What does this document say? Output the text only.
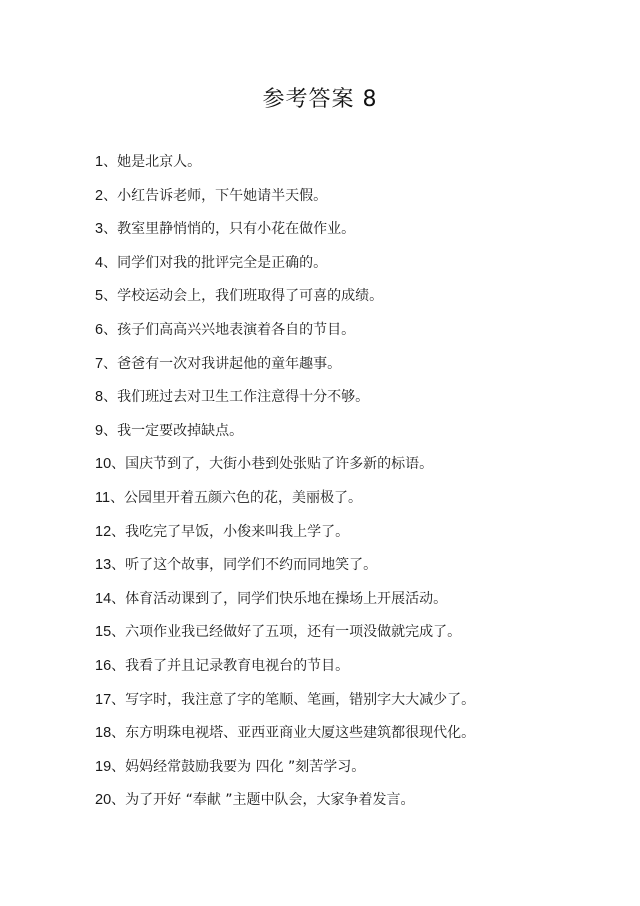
参考答案 8
1、她是北京人。
2、小红告诉老师，下午她请半天假。
3、教室里静悄悄的，只有小花在做作业。
4、同学们对我的批评完全是正确的。
5、学校运动会上，我们班取得了可喜的成绩。
6、孩子们高高兴兴地表演着各自的节目。
7、爸爸有一次对我讲起他的童年趣事。
8、我们班过去对卫生工作注意得十分不够。
9、我一定要改掉缺点。
10、国庆节到了，大街小巷到处张贴了许多新的标语。
11、公园里开着五颜六色的花，美丽极了。
12、我吃完了早饭，小俊来叫我上学了。
13、听了这个故事，同学们不约而同地笑了。
14、体育活动课到了，同学们快乐地在操场上开展活动。
15、六项作业我已经做好了五项，还有一项没做就完成了。
16、我看了并且记录教育电视台的节目。
17、写字时，我注意了字的笔顺、笔画，错别字大大减少了。
18、东方明珠电视塔、亚西亚商业大厦这些建筑都很现代化。
19、妈妈经常鼓励我要为 四化 ”刻苦学习。
20、为了开好 “奉献 ”主题中队会，大家争着发言。
